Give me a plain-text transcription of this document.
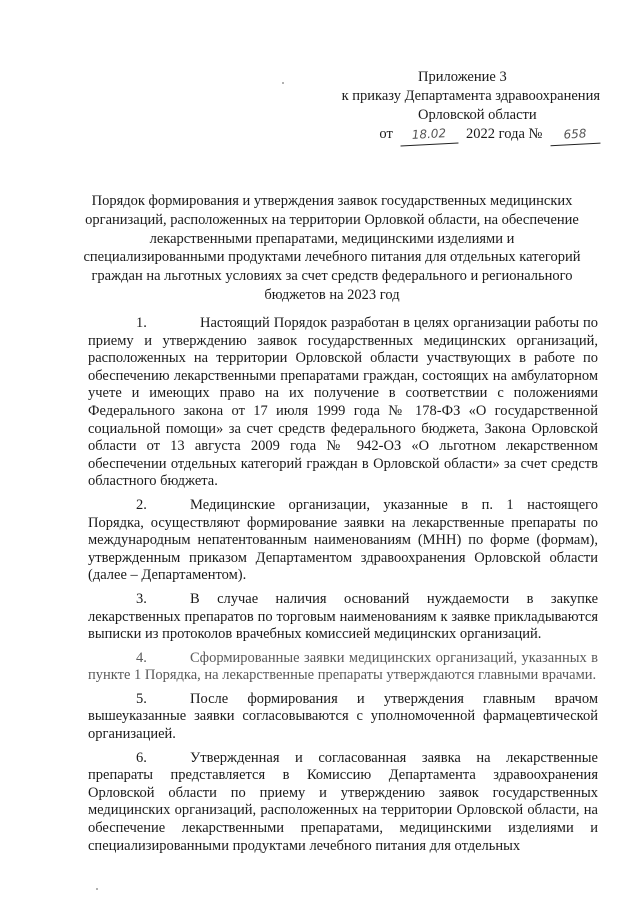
Приложение 3
к приказу Департамента здравоохранения
Орловской области
от 18.02 2022 года № 658
Порядок формирования и утверждения заявок государственных медицинских организаций, расположенных на территории Орловкой области, на обеспечение лекарственными препаратами, медицинскими изделиями и специализированными продуктами лечебного питания для отдельных категорий граждан на льготных условиях за счет средств федерального и регионального бюджетов на 2023 год

1.	Настоящий Порядок разработан в целях организации работы по приему и утверждению заявок государственных медицинских организаций, расположенных на территории Орловской области участвующих в работе по обеспечению лекарственными препаратами граждан, состоящих на амбулаторном учете и имеющих право на их получение в соответствии с положениями Федерального закона от 17 июля 1999 года № 178-ФЗ «О государственной социальной помощи» за счет средств федерального бюджета, Закона Орловской области от 13 августа 2009 года № 942-ОЗ «О льготном лекарственном обеспечении отдельных категорий граждан в Орловской области» за счет средств областного бюджета.

2.	Медицинские организации, указанные в п. 1 настоящего Порядка, осуществляют формирование заявки на лекарственные препараты по международным непатентованным наименованиям (МНН) по форме (формам), утвержденным приказом Департаментом здравоохранения Орловской области (далее – Департаментом).

3.	В случае наличия оснований нуждаемости в закупке лекарственных препаратов по торговым наименованиям к заявке прикладываются выписки из протоколов врачебных комиссией медицинских организаций.

4.	Сформированные заявки медицинских организаций, указанных в пункте 1 Порядка, на лекарственные препараты утверждаются главными врачами.

5.	После формирования и утверждения главным врачом вышеуказанные заявки согласовываются с уполномоченной фармацевтической организацией.

6.	Утвержденная и согласованная заявка на лекарственные препараты представляется в Комиссию Департамента здравоохранения Орловской области по приему и утверждению заявок государственных медицинских организаций, расположенных на территории Орловской области, на обеспечение лекарственными препаратами, медицинскими изделиями и специализированными продуктами лечебного питания для отдельных
